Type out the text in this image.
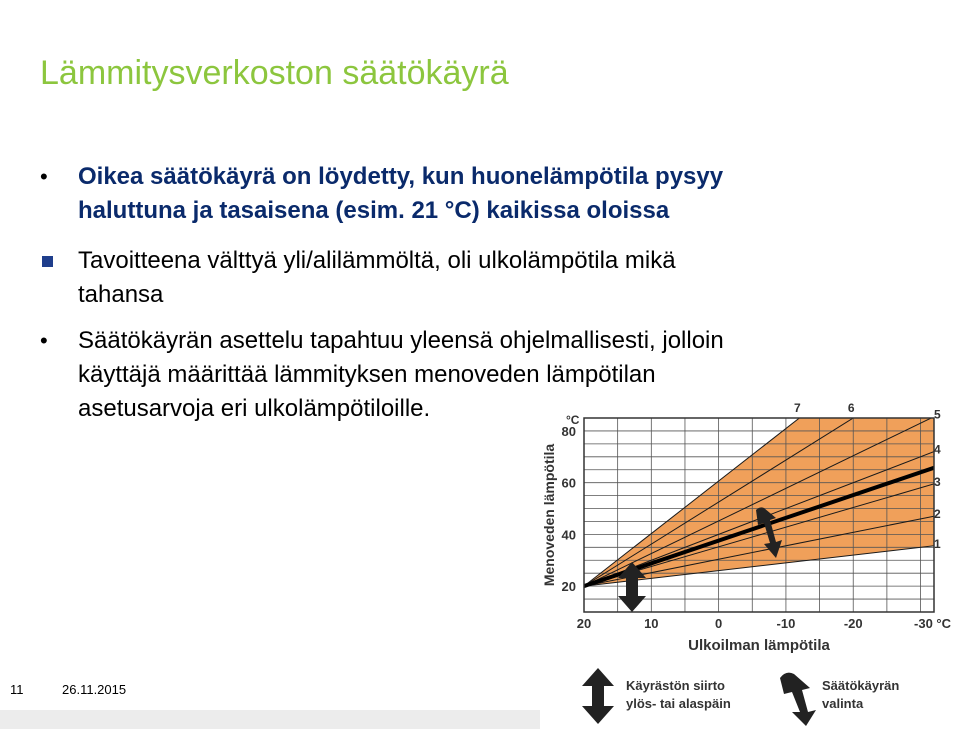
Lämmitysverkoston säätökäyrä
•	Oikea säätökäyrä on löydetty, kun huonelämpötila pysyy
haluttuna ja tasaisena (esim. 21 °C) kaikissa oloissa
Tavoitteena välttyä yli/alilämmöltä, oli ulkolämpötila mikä
tahansa
•	Säätökäyrän asettelu tapahtuu yleensä ohjelmallisesti, jolloin
käyttäjä määrittää lämmityksen menoveden lämpötilan
asetusarvoja eri ulkolämpötiloille.	°C
Menoveden lämpötila
Ulkoilman lämpötila
20
40
60
80
20	10	0	-10	-20	-30 °C
5
4
3
2
1
7	6
Käyrästön siirto
ylös- tai alaspäin
Säätökäyrän
valinta
11	26.11.2015
